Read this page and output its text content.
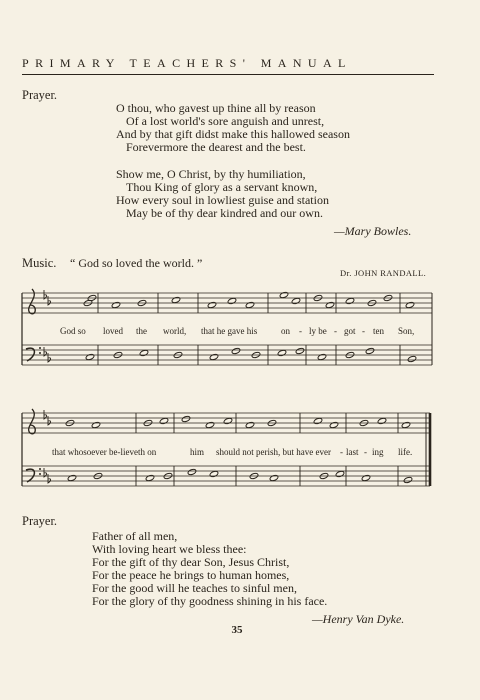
PRIMARY TEACHERS' MANUAL
Prayer.
O thou, who gavest up thine all by reason
Of a lost world's sore anguish and unrest,
And by that gift didst make this hallowed season
Forevermore the dearest and the best.
Show me, O Christ, by thy humiliation,
Thou King of glory as a servant known,
How every soul in lowliest guise and station
May be of thy dear kindred and our own.
—Mary Bowles.
Music. “ God so loved the world. ”
Dr. JOHN RANDALL.
God so loved the world, that he gave his	on - ly be - got - ten Son,
that whosoever be-lieveth on	him should not perish, but have ever - last - ing life.
Prayer.
Father of all men,
With loving heart we bless thee:
For the gift of thy dear Son, Jesus Christ,
For the peace he brings to human homes,
For the good will he teaches to sinful men,
For the glory of thy goodness shining in his face.
—Henry Van Dyke.
35
